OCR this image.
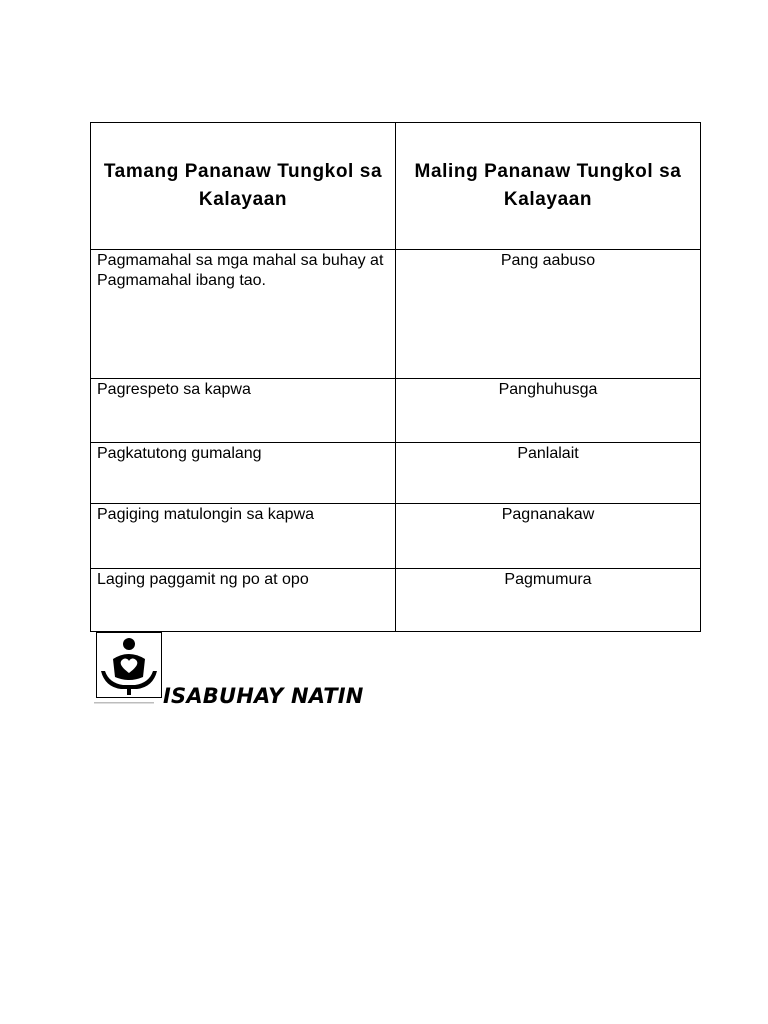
Tamang Pananaw Tungkol sa Kalayaan	Maling Pananaw Tungkol sa Kalayaan
Pagmamahal sa mga mahal sa buhay at Pagmamahal ibang tao.	Pang aabuso
Pagrespeto sa kapwa	Panghuhusga
Pagkatutong gumalang	Panlalait
Pagiging matulongin sa kapwa	Pagnanakaw
Laging paggamit ng po at opo	Pagmumura
ISABUHAY NATIN
